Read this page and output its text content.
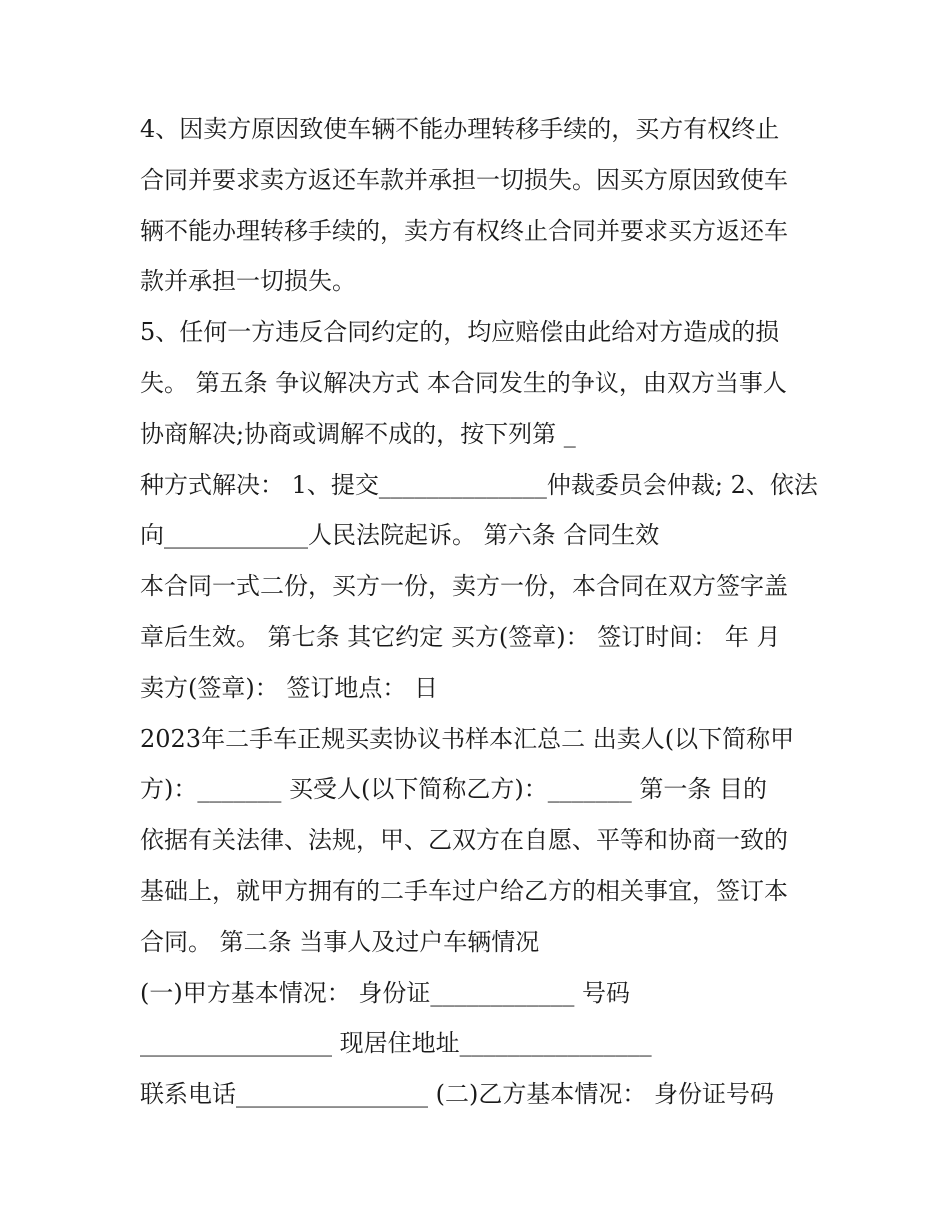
4、因卖方原因致使车辆不能办理转移手续的，买方有权终止
合同并要求卖方返还车款并承担一切损失。因买方原因致使车
辆不能办理转移手续的，卖方有权终止合同并要求买方返还车
款并承担一切损失。
5、任何一方违反合同约定的，均应赔偿由此给对方造成的损
失。 第五条 争议解决方式 本合同发生的争议，由双方当事人
协商解决;协商或调解不成的，按下列第 _
种方式解决： 1、提交______________仲裁委员会仲裁; 2、依法
向____________人民法院起诉。 第六条 合同生效
本合同一式二份，买方一份，卖方一份，本合同在双方签字盖
章后生效。 第七条 其它约定 买方(签章)： 签订时间： 年 月
卖方(签章)： 签订地点： 日
2023年二手车正规买卖协议书样本汇总二 出卖人(以下简称甲
方)：_______ 买受人(以下简称乙方)：_______ 第一条 目的
依据有关法律、法规，甲、乙双方在自愿、平等和协商一致的
基础上，就甲方拥有的二手车过户给乙方的相关事宜，签订本
合同。 第二条 当事人及过户车辆情况
(一)甲方基本情况： 身份证____________ 号码
________________ 现居住地址________________
联系电话________________ (二)乙方基本情况： 身份证号码
